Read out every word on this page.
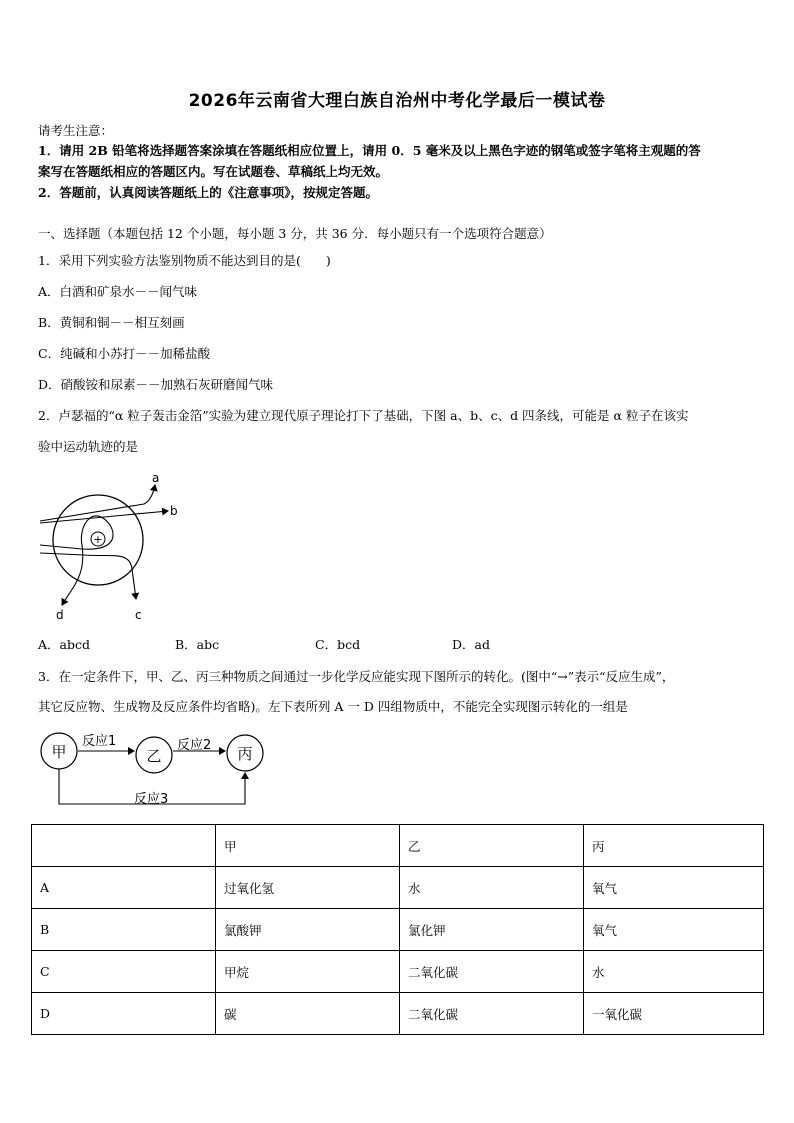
2026年云南省大理白族自治州中考化学最后一模试卷
请考生注意：
1．请用 2B 铅笔将选择题答案涂填在答题纸相应位置上，请用 0．5 毫米及以上黑色字迹的钢笔或签字笔将主观题的答
案写在答题纸相应的答题区内。写在试题卷、草稿纸上均无效。
2．答题前，认真阅读答题纸上的《注意事项》，按规定答题。
一、选择题（本题包括 12 个小题，每小题 3 分，共 36 分．每小题只有一个选项符合题意）
1．采用下列实验方法鉴别物质不能达到目的是(　　)
A．白酒和矿泉水－－闻气味
B．黄铜和铜－－相互刻画
C．纯碱和小苏打－－加稀盐酸
D．硝酸铵和尿素－－加熟石灰研磨闻气味
2．卢瑟福的“α 粒子轰击金箔”实验为建立现代原子理论打下了基础，下图 a、b、c、d 四条线，可能是 α 粒子在该实
验中运动轨迹的是
+
a
b
c
d
A．abcd	B．abc	C．bcd	D．ad
3．在一定条件下，甲、乙、丙三种物质之间通过一步化学反应能实现下图所示的转化。(图中“→”表示“反应生成”，
其它反应物、生成物及反应条件均省略)。左下表所列 A 一 D 四组物质中，不能完全实现图示转化的一组是
甲	乙	丙
反应1	反应2
反应3
	甲	乙	丙
A	过氧化氢	水	氧气
B	氯酸钾	氯化钾	氧气
C	甲烷	二氧化碳	水
D	碳	二氧化碳	一氧化碳
